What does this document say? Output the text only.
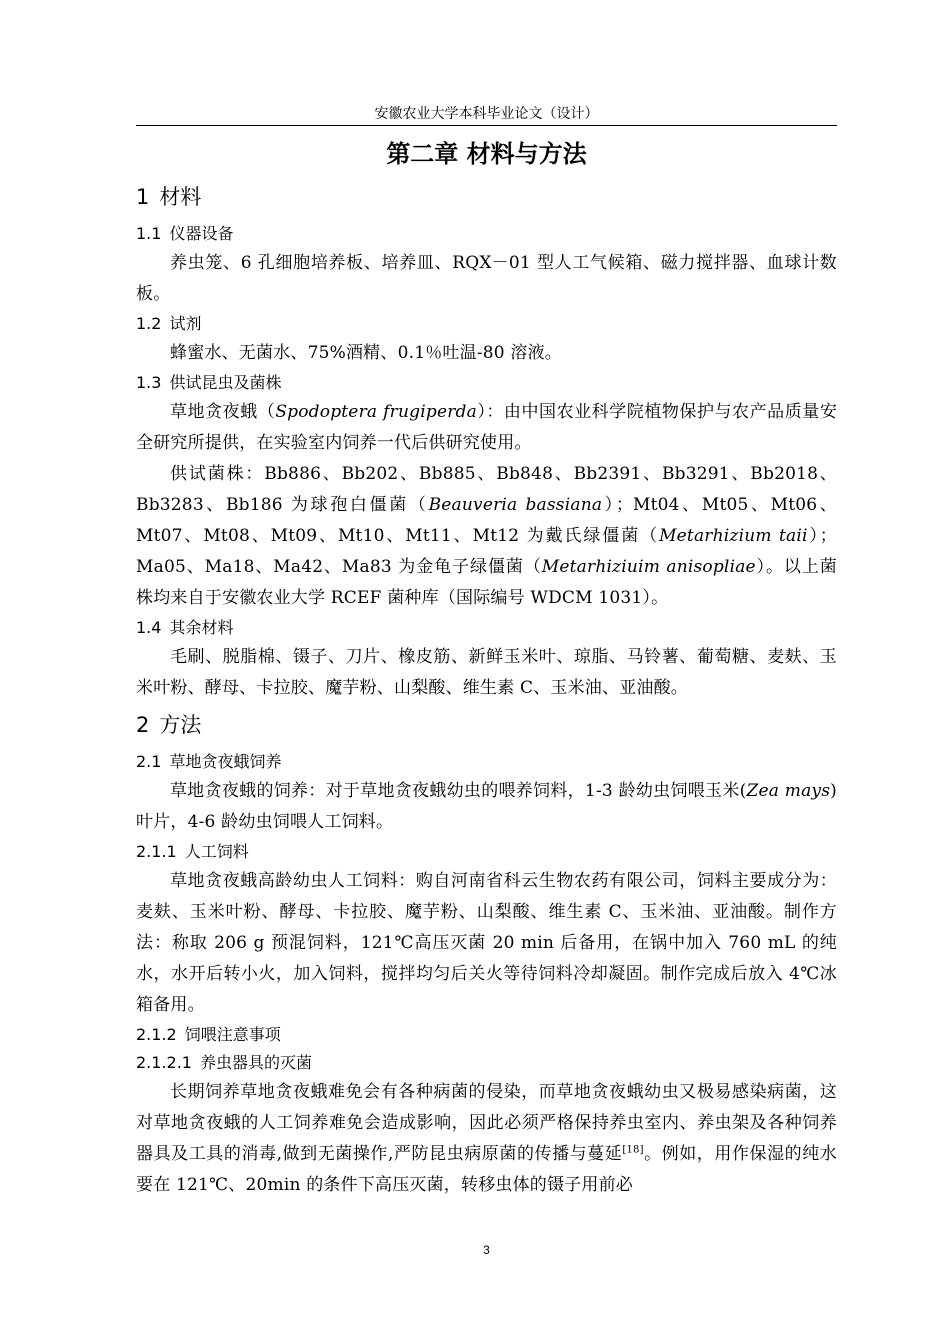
安徽农业大学本科毕业论文（设计）
第二章 材料与方法
1 材料
1.1 仪器设备

养虫笼、6 孔细胞培养板、培养皿、RQX－01 型人工气候箱、磁力搅拌器、血球计数板。

1.2 试剂

蜂蜜水、无菌水、75%酒精、0.1％吐温-80 溶液。

1.3 供试昆虫及菌株

草地贪夜蛾（Spodoptera frugiperda）：由中国农业科学院植物保护与农产品质量安全研究所提供，在实验室内饲养一代后供研究使用。

供试菌株：Bb886、Bb202、Bb885、Bb848、Bb2391、Bb3291、Bb2018、Bb3283、Bb186 为球孢白僵菌（Beauveria bassiana）；Mt04、Mt05、Mt06、Mt07、Mt08、Mt09、Mt10、Mt11、Mt12 为戴氏绿僵菌（Metarhizium taii）；Ma05、Ma18、Ma42、Ma83 为金龟子绿僵菌（Metarhiziuim anisopliae）。以上菌株均来自于安徽农业大学 RCEF 菌种库（国际编号 WDCM 1031）。

1.4 其余材料

毛刷、脱脂棉、镊子、刀片、橡皮筋、新鲜玉米叶、琼脂、马铃薯、葡萄糖、麦麸、玉米叶粉、酵母、卡拉胶、魔芋粉、山梨酸、维生素 C、玉米油、亚油酸。

2 方法
2.1 草地贪夜蛾饲养

草地贪夜蛾的饲养：对于草地贪夜蛾幼虫的喂养饲料，1-3 龄幼虫饲喂玉米(Zea mays)叶片，4-6 龄幼虫饲喂人工饲料。

2.1.1 人工饲料

草地贪夜蛾高龄幼虫人工饲料：购自河南省科云生物农药有限公司，饲料主要成分为：麦麸、玉米叶粉、酵母、卡拉胶、魔芋粉、山梨酸、维生素 C、玉米油、亚油酸。制作方法：称取 206 g 预混饲料，121℃高压灭菌 20 min 后备用，在锅中加入 760 mL 的纯水，水开后转小火，加入饲料，搅拌均匀后关火等待饲料冷却凝固。制作完成后放入 4℃冰箱备用。

2.1.2 饲喂注意事项
2.1.2.1 养虫器具的灭菌

长期饲养草地贪夜蛾难免会有各种病菌的侵染，而草地贪夜蛾幼虫又极易感染病菌，这对草地贪夜蛾的人工饲养难免会造成影响，因此必须严格保持养虫室内、养虫架及各种饲养器具及工具的消毒,做到无菌操作,严防昆虫病原菌的传播与蔓延[18]。例如，用作保湿的纯水要在 121℃、20min 的条件下高压灭菌，转移虫体的镊子用前必

3
